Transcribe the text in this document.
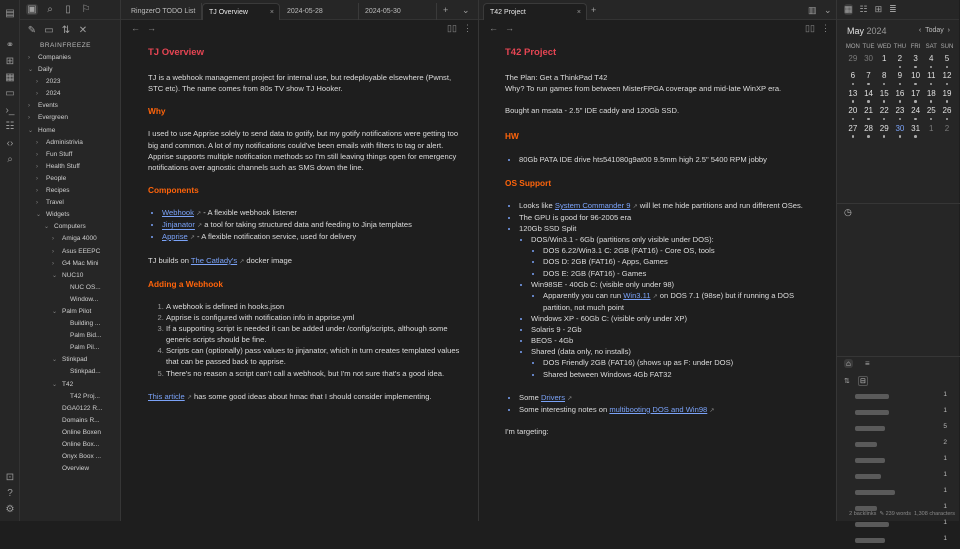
▤
⚭
⊞
▦
▭
›_
☷
‹›
⌕
⊡
?
⚙
▣	⌕	▯	⚐
✎ ▭ ⇅ ✕
BRAINFREEZE
› Companies
⌄ Daily
› 2023
› 2024
› Events
› Evergreen
⌄ Home
› Administrivia
› Fun Stuff
› Health Stuff
› People
› Recipes
› Travel
⌄ Widgets
⌄ Computers
› Amiga 4000
› Asus EEEPC
› G4 Mac Mini
⌄ NUC10
NUC OS...
Window...
⌄ Palm Pilot
Building ...
Palm Bid...
Palm Pil...
⌄ Stinkpad
Stinkpad...
⌄ T42
T42 Proj...
DGA0122 R...
Domains R...
Online Boxen
Online Box...
Onyx Boox ...
Overview
RingzerO TODO List	TJ Overview	×	2024-05-28	2024-05-30	+ ⌄	T42 Project	× +	▥ ⌄
← →	▯▯ ⋮ ← →	▯▯ ⋮
TJ Overview

TJ is a webhook management project for internal use, but redeployable elsewhere (Pwnst, STC etc). The name comes from 80s TV show TJ Hooker.

Why

I used to use Apprise solely to send data to gotify, but my gotify notifications were getting too big and common. A lot of my notifications could've been emails with filters to tag or alert. Apprise supports multiple notification methods so I'm still leaving things open for emergency notifications over agnostic channels such as SMS down the line.

Components
• Webhook ↗ - A flexible webhook listener
• Jinjanator ↗ a tool for taking structured data and feeding to Jinja templates
• Apprise ↗ - A flexible notification service, used for delivery

TJ builds on The Catlady's ↗ docker image

Adding a Webhook
1. A webhook is defined in hooks.json
2. Apprise is configured with notification info in apprise.yml
3. If a supporting script is needed it can be added under /config/scripts, although some generic scripts should be fine.
4. Scripts can (optionally) pass values to jinjanator, which in turn creates templated values that can be passed back to apprise.
5. There's no reason a script can't call a webhook, but I'm not sure that's a good idea.

This article ↗ has some good ideas about hmac that I should consider implementing.

T42 Project

The Plan: Get a ThinkPad T42

Why? To run games from between MisterFPGA coverage and mid-late WinXP era.

Bought an msata - 2.5" IDE caddy and 120Gb SSD.

HW
• 80Gb PATA IDE drive hts541080g9at00 9.5mm high 2.5" 5400 RPM jobby
OS Support
• Looks like System Commander 9 ↗ will let me hide partitions and run different OSes.
• The GPU is good for 96-2005 era
• 120Gb SSD Split
• DOS/Win3.1 - 6Gb (partitions only visible under DOS):
• DOS 6.22/Win3.1 C: 2GB (FAT16) - Core OS, tools
• DOS D: 2GB (FAT16) - Apps, Games
• DOS E: 2GB (FAT16) - Games
• Win98SE - 40Gb C: (visible only under 98)
• Apparently you can run Win3.11 ↗ on DOS 7.1 (98se) but if running a DOS partition, not much point
• Windows XP - 60Gb C: (visible only under XP)
• Solaris 9 - 2Gb
• BEOS - 4Gb
• Shared (data only, no installs)
• DOS Friendly 2GB (FAT16) (shows up as F: under DOS)
• Shared between Windows 4Gb FAT32
• Some Drivers ↗
• Some interesting notes on multibooting DOS and Win98 ↗

I'm targeting:

▦ ☷ ⊞ ≣
May 2024	‹ Today ›
MON TUE WED THU FRI SAT SUN
29 30	1	2	3	4	5
6	7	8	9	10 11 12
13 14 15 16 17 18 19
20 21 22 23 24 25 26
27 28 29 30 31	1	2
◷
⌂ ≡
⇅ ⊟
1
1
5
2
1
1
1
1
1
1
2 backlinks ✎ 239 words 1,308 characters
